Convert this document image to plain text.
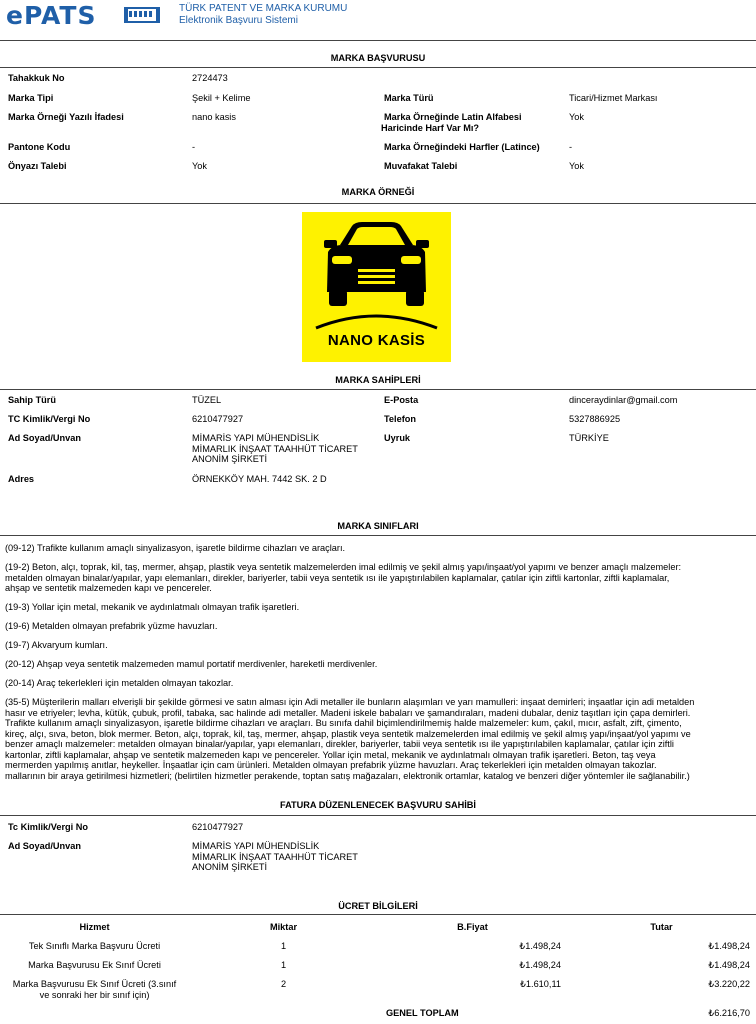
ePATS	TÜRK PATENT VE MARKA KURUMU
Elektronik Başvuru Sistemi
MARKA BAŞVURUSU
Tahakkuk No	2724473
Marka Tipi	Şekil + Kelime	Marka Türü	Ticari/Hizmet Markası
Marka Örneği Yazılı İfadesi	nano kasis	Marka Örneğinde Latin Alfabesi
Haricinde Harf Var Mı?
Yok
Pantone Kodu	-	Marka Örneğindeki Harfler (Latince)	-
Önyazı Talebi	Yok	Muvafakat Talebi	Yok
MARKA ÖRNEĞİ
NANO KASİS
MARKA SAHİPLERİ
Sahip Türü	TÜZEL	E-Posta	dinceraydinlar@gmail.com
TC Kimlik/Vergi No	6210477927	Telefon	5327886925
Ad Soyad/Unvan	MİMARİS YAPI MÜHENDİSLİK
MİMARLIK İNŞAAT TAAHHÜT TİCARET
ANONİM ŞİRKETİ
Uyruk	TÜRKİYE
Adres	ÖRNEKKÖY MAH. 7442 SK. 2 D
MARKA SINIFLARI
(09-12) Trafikte kullanım amaçlı sinyalizasyon, işaretle bildirme cihazları ve araçları.
(19-2) Beton, alçı, toprak, kil, taş, mermer, ahşap, plastik veya sentetik malzemelerden imal edilmiş ve şekil almış yapı/inşaat/yol yapımı ve benzer amaçlı malzemeler:
metalden olmayan binalar/yapılar, yapı elemanları, direkler, bariyerler, tabii veya sentetik ısı ile yapıştırılabilen kaplamalar, çatılar için ziftli kartonlar, ziftli kaplamalar,
ahşap ve sentetik malzemeden kapı ve pencereler.
(19-3) Yollar için metal, mekanik ve aydınlatmalı olmayan trafik işaretleri.
(19-6) Metalden olmayan prefabrik yüzme havuzları.
(19-7) Akvaryum kumları.
(20-12) Ahşap veya sentetik malzemeden mamul portatif merdivenler, hareketli merdivenler.
(20-14) Araç tekerlekleri için metalden olmayan takozlar.
(35-5) Müşterilerin malları elverişli bir şekilde görmesi ve satın alması için Adi metaller ile bunların alaşımları ve yarı mamulleri: inşaat demirleri; inşaatlar için adi metalden
hasır ve etriyeler; levha, kütük, çubuk, profil, tabaka, sac halinde adi metaller. Madeni iskele babaları ve şamandıraları, madeni dubalar, deniz taşıtları için çapa demirleri.
Trafikte kullanım amaçlı sinyalizasyon, işaretle bildirme cihazları ve araçları. Bu sınıfa dahil biçimlendirilmemiş halde malzemeler: kum, çakıl, mıcır, asfalt, zift, çimento,
kireç, alçı, sıva, beton, blok mermer. Beton, alçı, toprak, kil, taş, mermer, ahşap, plastik veya sentetik malzemelerden imal edilmiş ve şekil almış yapı/inşaat/yol yapımı ve
benzer amaçlı malzemeler: metalden olmayan binalar/yapılar, yapı elemanları, direkler, bariyerler, tabii veya sentetik ısı ile yapıştırılabilen kaplamalar, çatılar için ziftli
kartonlar, ziftli kaplamalar, ahşap ve sentetik malzemeden kapı ve pencereler. Yollar için metal, mekanik ve aydınlatmalı olmayan trafik işaretleri. Beton, taş veya
mermerden yapılmış anıtlar, heykeller. İnşaatlar için cam ürünleri. Metalden olmayan prefabrik yüzme havuzları. Araç tekerlekleri için metalden olmayan takozlar.
mallarının bir araya getirilmesi hizmetleri; (belirtilen hizmetler perakende, toptan satış mağazaları, elektronik ortamlar, katalog ve benzeri diğer yöntemler ile sağlanabilir.)
FATURA DÜZENLENECEK BAŞVURU SAHİBİ
Tc Kimlik/Vergi No	6210477927
Ad Soyad/Unvan	MİMARİS YAPI MÜHENDİSLİK
MİMARLIK İNŞAAT TAAHHÜT TİCARET
ANONİM ŞİRKETİ
ÜCRET BİLGİLERİ
Hizmet	Miktar	B.Fiyat	Tutar
Tek Sınıflı Marka Başvuru Ücreti	1	₺1.498,24	₺1.498,24
Marka Başvurusu Ek Sınıf Ücreti	1	₺1.498,24	₺1.498,24
Marka Başvurusu Ek Sınıf Ücreti (3.sınıf
ve sonraki her bir sınıf için)
2	₺1.610,11	₺3.220,22
GENEL TOPLAM	₺6.216,70
